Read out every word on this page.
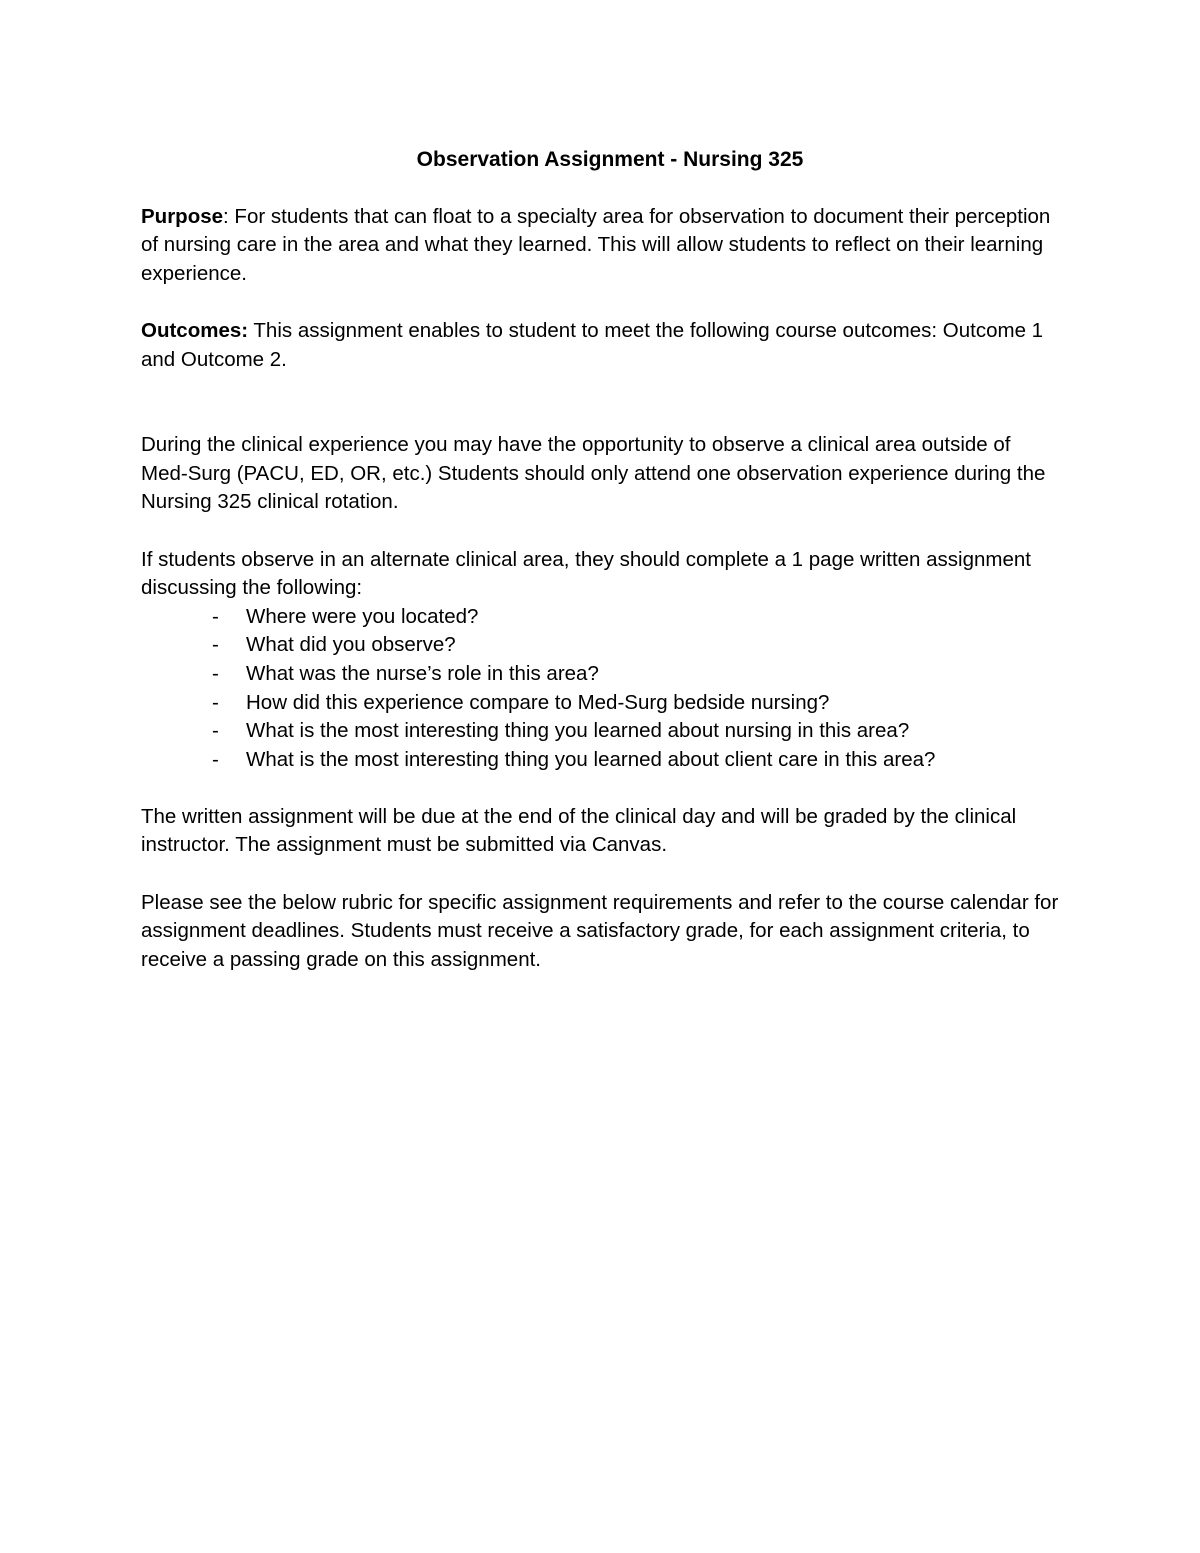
Observation Assignment - Nursing 325

Purpose: For students that can float to a specialty area for observation to document their perception of nursing care in the area and what they learned. This will allow students to reflect on their learning experience.

Outcomes: This assignment enables to student to meet the following course outcomes: Outcome 1 and Outcome 2.

During the clinical experience you may have the opportunity to observe a clinical area outside of Med-Surg (PACU, ED, OR, etc.) Students should only attend one observation experience during the Nursing 325 clinical rotation.

If students observe in an alternate clinical area, they should complete a 1 page written assignment discussing the following:

- Where were you located?
- What did you observe?
- What was the nurse’s role in this area?
- How did this experience compare to Med-Surg bedside nursing?
- What is the most interesting thing you learned about nursing in this area?
- What is the most interesting thing you learned about client care in this area?

The written assignment will be due at the end of the clinical day and will be graded by the clinical instructor. The assignment must be submitted via Canvas.

Please see the below rubric for specific assignment requirements and refer to the course calendar for assignment deadlines. Students must receive a satisfactory grade, for each assignment criteria, to receive a passing grade on this assignment.
